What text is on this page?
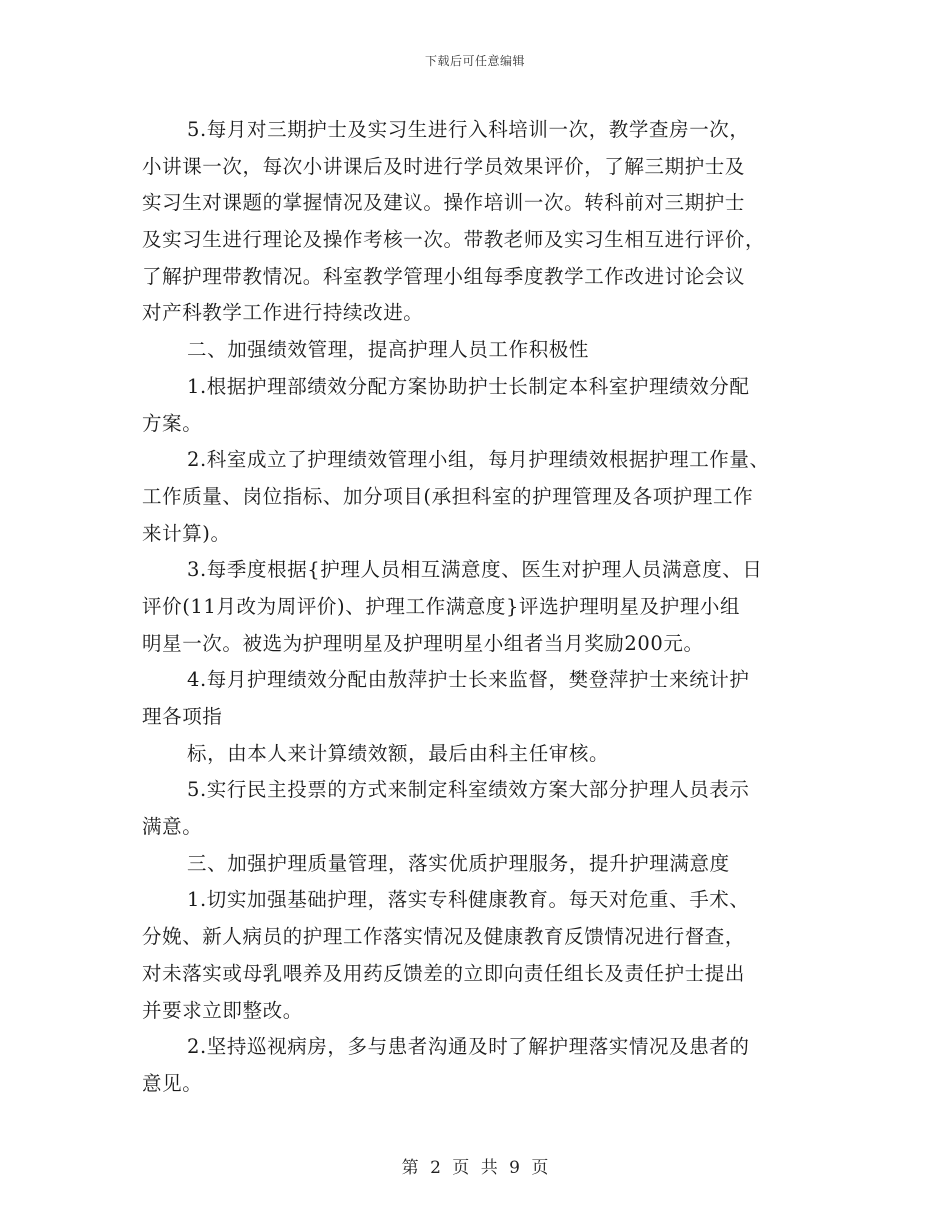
下载后可任意编辑
5.每月对三期护士及实习生进行入科培训一次，教学查房一次，
小讲课一次，每次小讲课后及时进行学员效果评价，了解三期护士及
实习生对课题的掌握情况及建议。操作培训一次。转科前对三期护士
及实习生进行理论及操作考核一次。带教老师及实习生相互进行评价，
了解护理带教情况。科室教学管理小组每季度教学工作改进讨论会议
对产科教学工作进行持续改进。
二、加强绩效管理，提高护理人员工作积极性
1.根据护理部绩效分配方案协助护士长制定本科室护理绩效分配
方案。
2.科室成立了护理绩效管理小组，每月护理绩效根据护理工作量、
工作质量、岗位指标、加分项目(承担科室的护理管理及各项护理工作
来计算)。
3.每季度根据{护理人员相互满意度、医生对护理人员满意度、日
评价(11月改为周评价)、护理工作满意度}评选护理明星及护理小组
明星一次。被选为护理明星及护理明星小组者当月奖励200元。
4.每月护理绩效分配由敖萍护士长来监督，樊登萍护士来统计护
理各项指
标，由本人来计算绩效额，最后由科主任审核。
5.实行民主投票的方式来制定科室绩效方案大部分护理人员表示
满意。
三、加强护理质量管理，落实优质护理服务，提升护理满意度
1.切实加强基础护理，落实专科健康教育。每天对危重、手术、
分娩、新人病员的护理工作落实情况及健康教育反馈情况进行督查，
对未落实或母乳喂养及用药反馈差的立即向责任组长及责任护士提出
并要求立即整改。
2.坚持巡视病房，多与患者沟通及时了解护理落实情况及患者的
意见。
第 2 页 共 9 页
